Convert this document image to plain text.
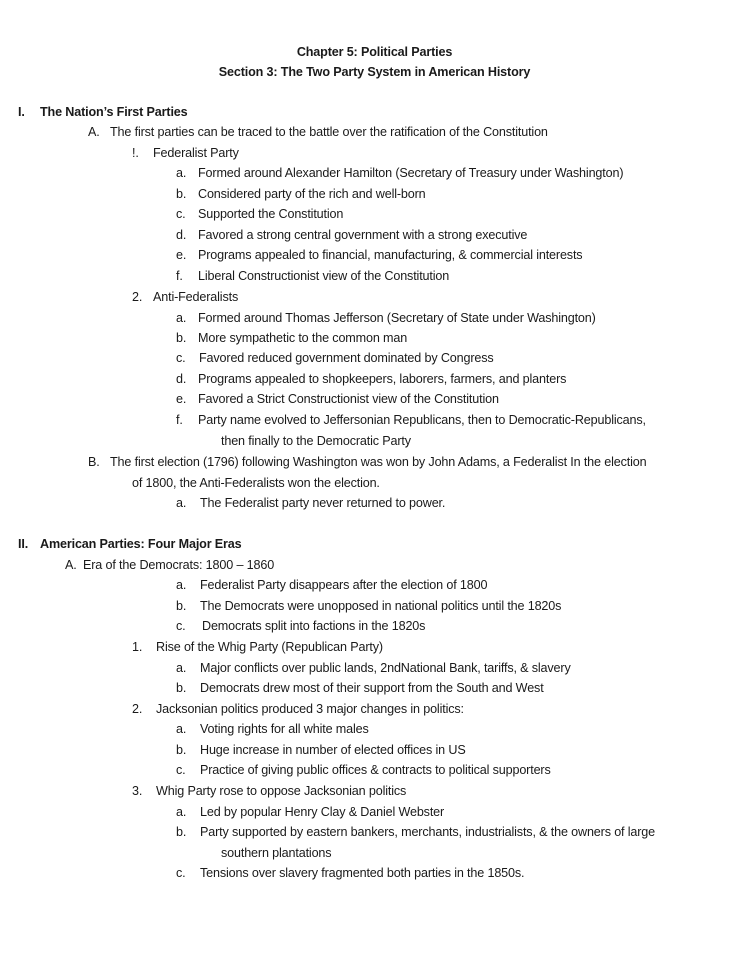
Chapter 5: Political Parties
Section 3: The Two Party System in American History
I. The Nation’s First Parties
A. The first parties can be traced to the battle over the ratification of the Constitution
!. Federalist Party
a. Formed around Alexander Hamilton (Secretary of Treasury under Washington)
b. Considered party of the rich and well-born
c. Supported the Constitution
d. Favored a strong central government with a strong executive
e. Programs appealed to financial, manufacturing, & commercial interests
f. Liberal Constructionist view of the Constitution
2. Anti-Federalists
a. Formed around Thomas Jefferson (Secretary of State under Washington)
b. More sympathetic to the common man
c. Favored reduced government dominated by Congress
d. Programs appealed to shopkeepers, laborers, farmers, and planters
e. Favored a Strict Constructionist view of the Constitution
f. Party name evolved to Jeffersonian Republicans, then to Democratic-Republicans,
then finally to the Democratic Party
B. The first election (1796) following Washington was won by John Adams, a Federalist In the election
of 1800, the Anti-Federalists won the election.
a. The Federalist party never returned to power.
II. American Parties: Four Major Eras
A. Era of the Democrats: 1800 – 1860
a. Federalist Party disappears after the election of 1800
b. The Democrats were unopposed in national politics until the 1820s
c. Democrats split into factions in the 1820s
1. Rise of the Whig Party (Republican Party)
a. Major conflicts over public lands, 2ndNational Bank, tariffs, & slavery
b. Democrats drew most of their support from the South and West
2. Jacksonian politics produced 3 major changes in politics:
a. Voting rights for all white males
b. Huge increase in number of elected offices in US
c. Practice of giving public offices & contracts to political supporters
3. Whig Party rose to oppose Jacksonian politics
a. Led by popular Henry Clay & Daniel Webster
b. Party supported by eastern bankers, merchants, industrialists, & the owners of large
southern plantations
c. Tensions over slavery fragmented both parties in the 1850s.
